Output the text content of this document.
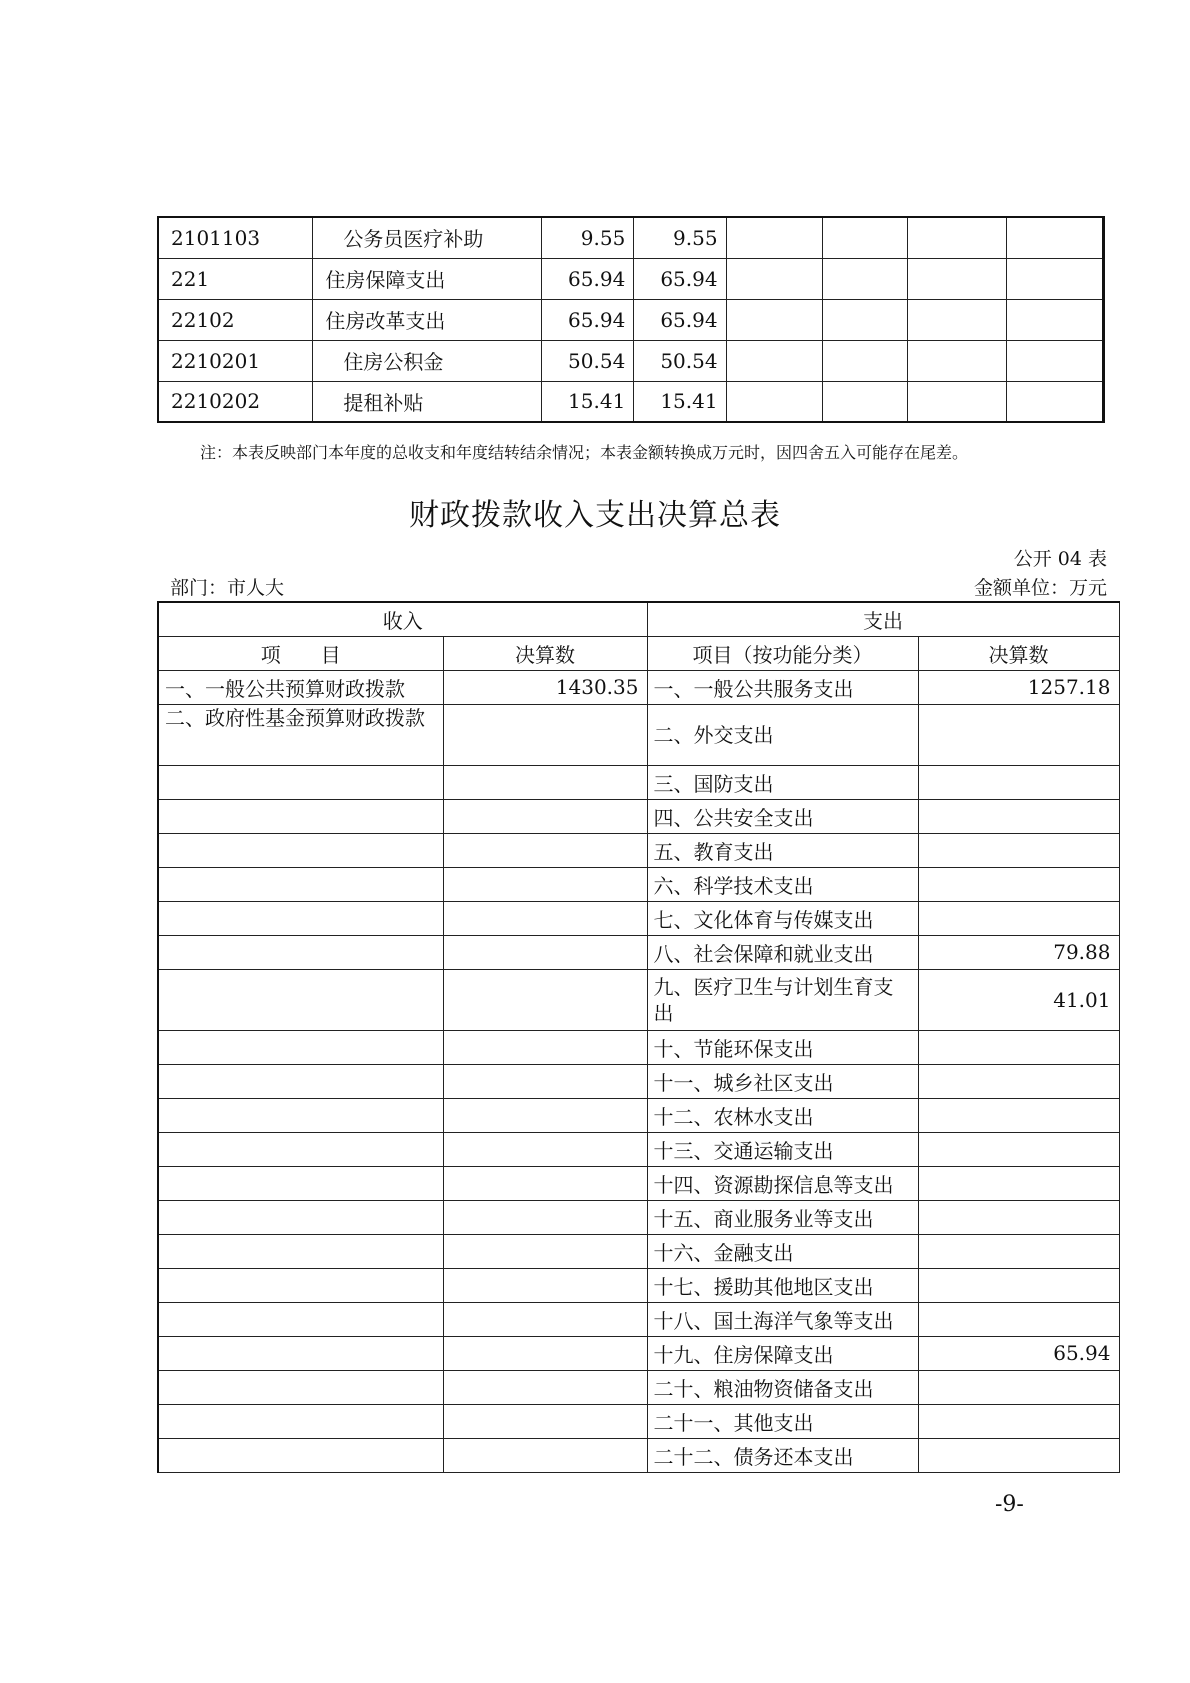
2101103	公务员医疗补助	9.55	9.55				
221	住房保障支出	65.94	65.94				
22102	住房改革支出	65.94	65.94				
2210201	住房公积金	50.54	50.54				
2210202	提租补贴	15.41	15.41				
注：本表反映部门本年度的总收支和年度结转结余情况；本表金额转换成万元时，因四舍五入可能存在尾差。
财政拨款收入支出决算总表
公开 04 表
部门：市人大	金额单位：万元
收入		支出	
项　　目	决算数	项目（按功能分类）	决算数
一、一般公共预算财政拨款	1430.35	一、一般公共服务支出	1257.18
二、政府性基金预算财政拨款		二、外交支出	
		三、国防支出	
		四、公共安全支出	
		五、教育支出	
		六、科学技术支出	
		七、文化体育与传媒支出	
		八、社会保障和就业支出	79.88
		九、医疗卫生与计划生育支出	41.01
		十、节能环保支出	
		十一、城乡社区支出	
		十二、农林水支出	
		十三、交通运输支出	
		十四、资源勘探信息等支出	
		十五、商业服务业等支出	
		十六、金融支出	
		十七、援助其他地区支出	
		十八、国土海洋气象等支出	
		十九、住房保障支出	65.94
		二十、粮油物资储备支出	
		二十一、其他支出	
		二十二、债务还本支出	
-9-
